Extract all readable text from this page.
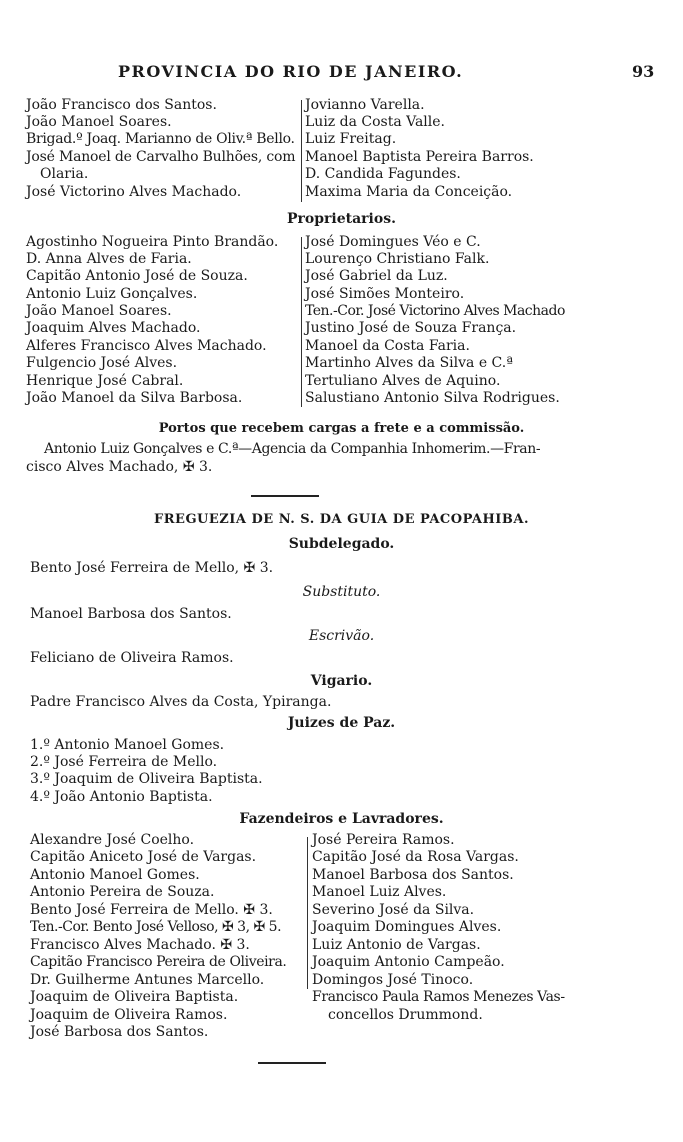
PROVINCIA DO RIO DE JANEIRO.	93
João Francisco dos Santos.
João Manoel Soares.
Brigad.º Joaq. Marianno de Oliv.ª Bello.
José Manoel de Carvalho Bulhões, com
Olaria.
José Victorino Alves Machado.
Jovianno Varella.
Luiz da Costa Valle.
Luiz Freitag.
Manoel Baptista Pereira Barros.
D. Candida Fagundes.
Maxima Maria da Conceição.
Proprietarios.
Agostinho Nogueira Pinto Brandão.
D. Anna Alves de Faria.
Capitão Antonio José de Souza.
Antonio Luiz Gonçalves.
João Manoel Soares.
Joaquim Alves Machado.
Alferes Francisco Alves Machado.
Fulgencio José Alves.
Henrique José Cabral.
João Manoel da Silva Barbosa.
José Domingues Véo e C.
Lourenço Christiano Falk.
José Gabriel da Luz.
José Simões Monteiro.
Ten.-Cor. José Victorino Alves Machado
Justino José de Souza França.
Manoel da Costa Faria.
Martinho Alves da Silva e C.ª
Tertuliano Alves de Aquino.
Salustiano Antonio Silva Rodrigues.
Portos que recebem cargas a frete e a commissão.
Antonio Luiz Gonçalves e C.ª—Agencia da Companhia Inhomerim.—Fran-
cisco Alves Machado, ✠ 3.
FREGUEZIA DE N. S. DA GUIA DE PACOPAHIBA.
Subdelegado.
Bento José Ferreira de Mello, ✠ 3.
Substituto.
Manoel Barbosa dos Santos.
Escrivão.
Feliciano de Oliveira Ramos.
Vigario.
Padre Francisco Alves da Costa, Ypiranga.
Juizes de Paz.
1.º Antonio Manoel Gomes.
2.º José Ferreira de Mello.
3.º Joaquim de Oliveira Baptista.
4.º João Antonio Baptista.
Fazendeiros e Lavradores.
Alexandre José Coelho.
Capitão Aniceto José de Vargas.
Antonio Manoel Gomes.
Antonio Pereira de Souza.
Bento José Ferreira de Mello. ✠ 3.
Ten.-Cor. Bento José Velloso, ✠ 3, ✠ 5.
Francisco Alves Machado. ✠ 3.
Capitão Francisco Pereira de Oliveira.
Dr. Guilherme Antunes Marcello.
Joaquim de Oliveira Baptista.
Joaquim de Oliveira Ramos.
José Barbosa dos Santos.
José Pereira Ramos.
Capitão José da Rosa Vargas.
Manoel Barbosa dos Santos.
Manoel Luiz Alves.
Severino José da Silva.
Joaquim Domingues Alves.
Luiz Antonio de Vargas.
Joaquim Antonio Campeão.
Domingos José Tinoco.
Francisco Paula Ramos Menezes Vas-
concellos Drummond.
